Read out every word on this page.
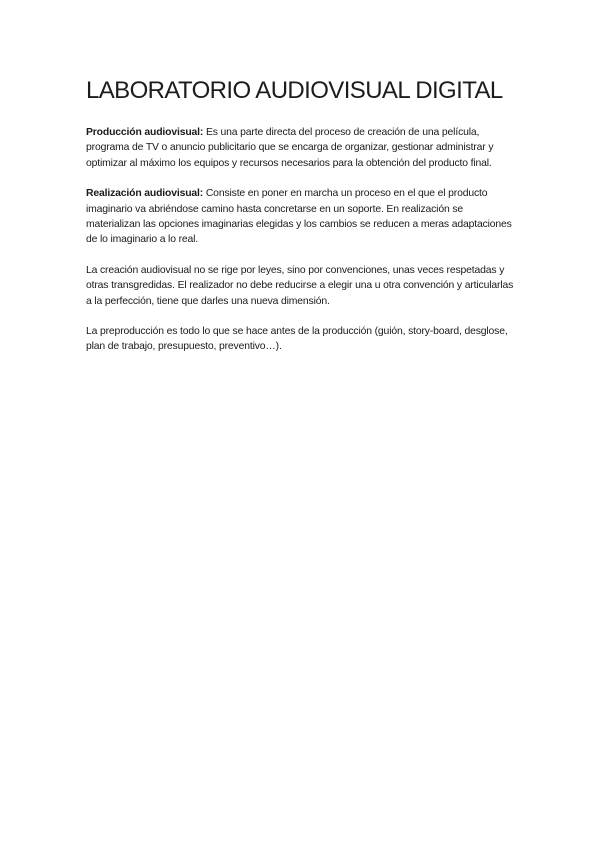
LABORATORIO AUDIOVISUAL DIGITAL

Producción audiovisual: Es una parte directa del proceso de creación de una película, programa de TV o anuncio publicitario que se encarga de organizar, gestionar administrar y optimizar al máximo los equipos y recursos necesarios para la obtención del producto final.

Realización audiovisual: Consiste en poner en marcha un proceso en el que el producto imaginario va abriéndose camino hasta concretarse en un soporte. En realización se materializan las opciones imaginarias elegidas y los cambios se reducen a meras adaptaciones de lo imaginario a lo real.

La creación audiovisual no se rige por leyes, sino por convenciones, unas veces respetadas y otras transgredidas. El realizador no debe reducirse a elegir una u otra convención y articularlas a la perfección, tiene que darles una nueva dimensión.

La preproducción es todo lo que se hace antes de la producción (guión, story-board, desglose, plan de trabajo, presupuesto, preventivo…).
